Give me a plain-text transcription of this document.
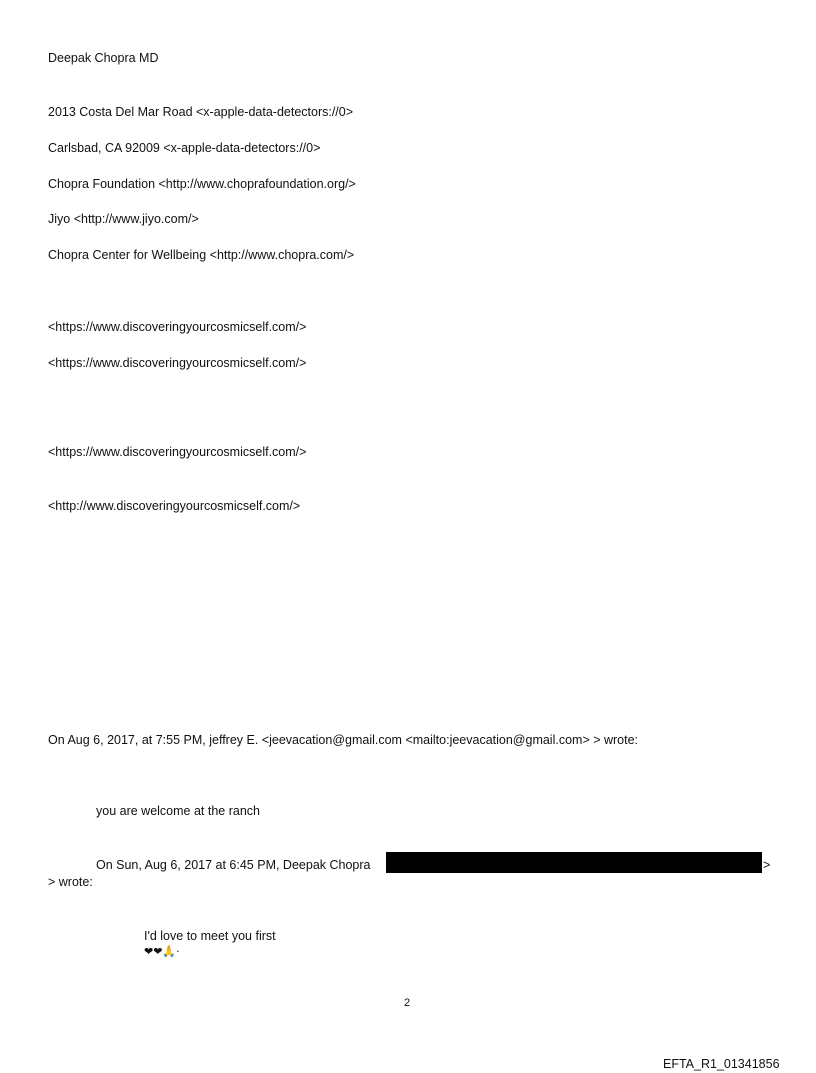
Deepak Chopra MD
2013 Costa Del Mar Road <x-apple-data-detectors://0>
Carlsbad, CA 92009 <x-apple-data-detectors://0>
Chopra Foundation <http://www.choprafoundation.org/>
Jiyo <http://www.jiyo.com/>
Chopra Center for Wellbeing <http://www.chopra.com/>
<https://www.discoveringyourcosmicself.com/>
<https://www.discoveringyourcosmicself.com/>
<https://www.discoveringyourcosmicself.com/>
<http://www.discoveringyourcosmicself.com/>
On Aug 6, 2017, at 7:55 PM, jeffrey E. <jeevacation@gmail.com <mailto:jeevacation@gmail.com> > wrote:
you are welcome at the ranch
On Sun, Aug 6, 2017 at 6:45 PM, Deepak Chopra	>
> wrote:
I'd love to meet you first
❤❤🙏·
2
EFTA_R1_01341856
